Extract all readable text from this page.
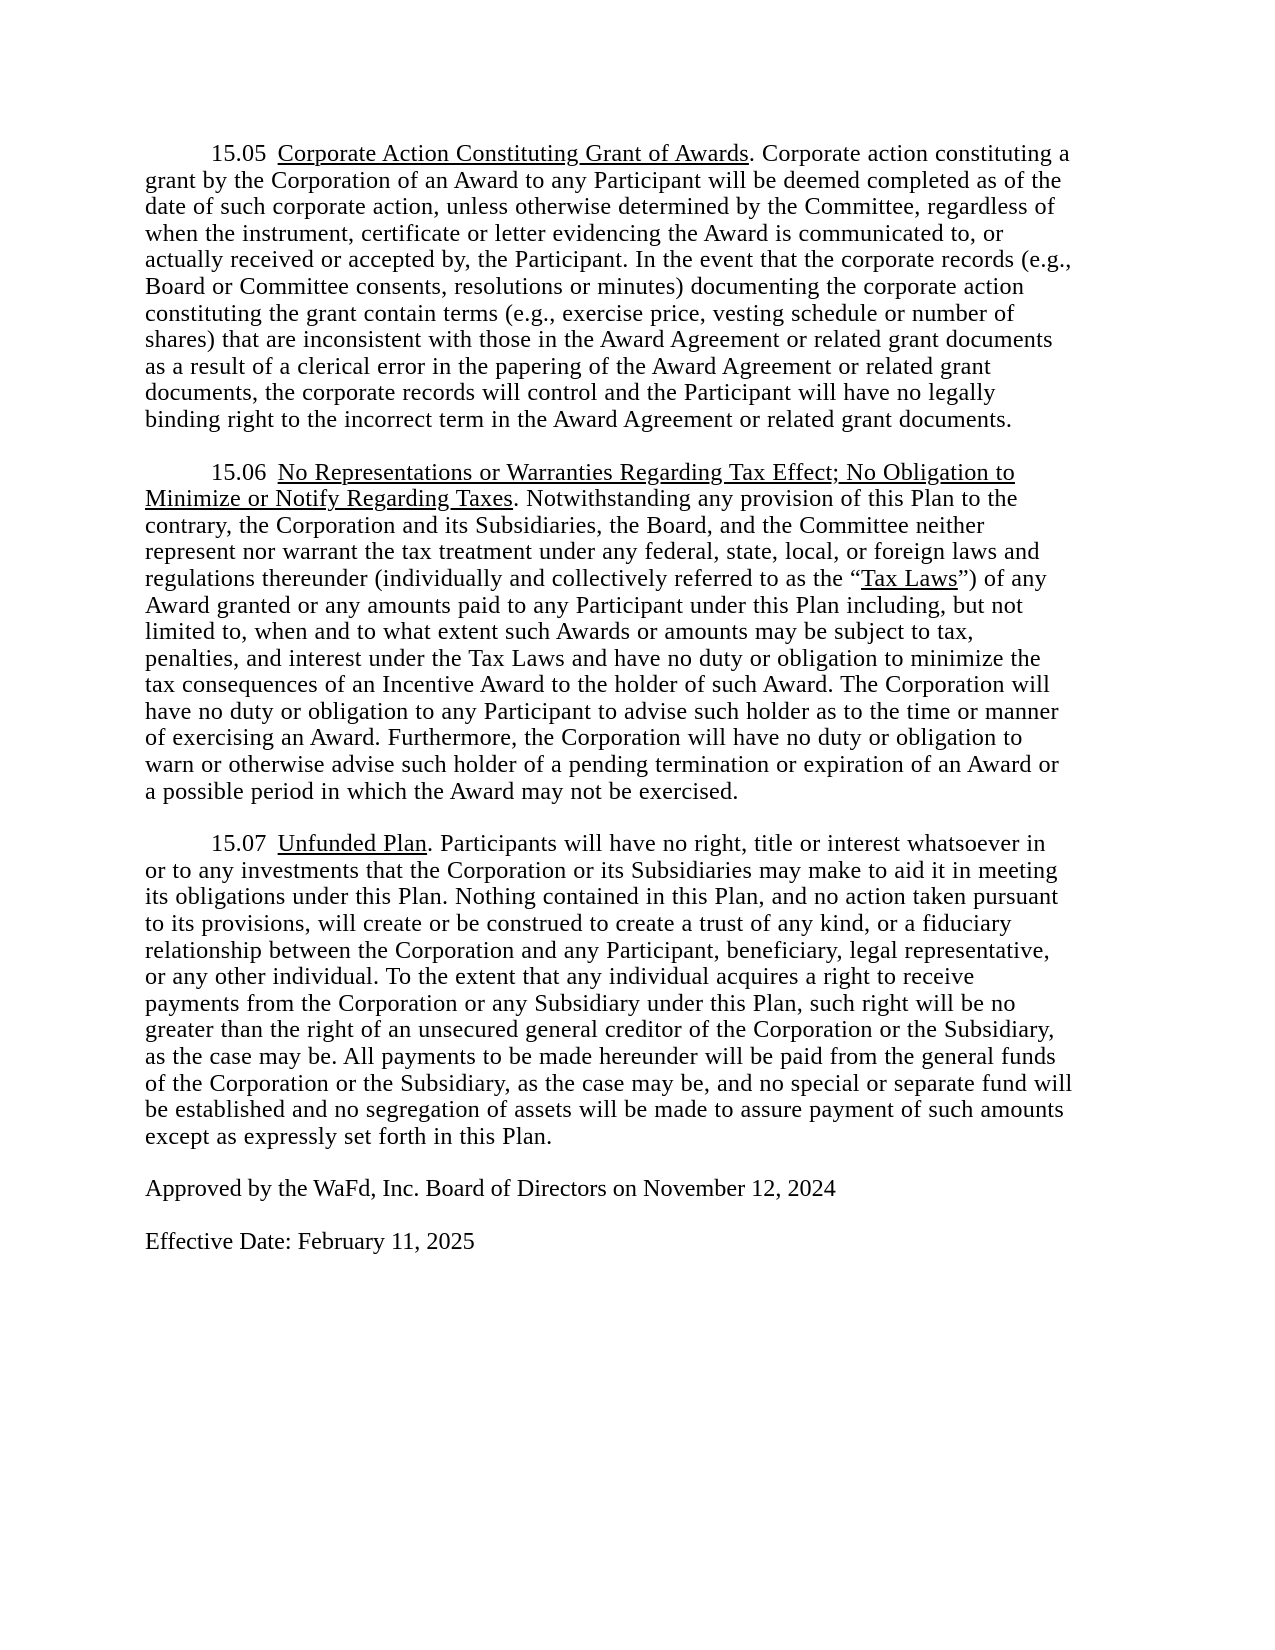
15.05 Corporate Action Constituting Grant of Awards. Corporate action constituting a grant by the Corporation of an Award to any Participant will be deemed completed as of the date of such corporate action, unless otherwise determined by the Committee, regardless of when the instrument, certificate or letter evidencing the Award is communicated to, or actually received or accepted by, the Participant. In the event that the corporate records (e.g., Board or Committee consents, resolutions or minutes) documenting the corporate action constituting the grant contain terms (e.g., exercise price, vesting schedule or number of shares) that are inconsistent with those in the Award Agreement or related grant documents as a result of a clerical error in the papering of the Award Agreement or related grant documents, the corporate records will control and the Participant will have no legally binding right to the incorrect term in the Award Agreement or related grant documents.

15.06 No Representations or Warranties Regarding Tax Effect; No Obligation to Minimize or Notify Regarding Taxes. Notwithstanding any provision of this Plan to the contrary, the Corporation and its Subsidiaries, the Board, and the Committee neither represent nor warrant the tax treatment under any federal, state, local, or foreign laws and regulations thereunder (individually and collectively referred to as the “Tax Laws”) of any Award granted or any amounts paid to any Participant under this Plan including, but not limited to, when and to what extent such Awards or amounts may be subject to tax, penalties, and interest under the Tax Laws and have no duty or obligation to minimize the tax consequences of an Incentive Award to the holder of such Award. The Corporation will have no duty or obligation to any Participant to advise such holder as to the time or manner of exercising an Award. Furthermore, the Corporation will have no duty or obligation to warn or otherwise advise such holder of a pending termination or expiration of an Award or a possible period in which the Award may not be exercised.

15.07 Unfunded Plan. Participants will have no right, title or interest whatsoever in or to any investments that the Corporation or its Subsidiaries may make to aid it in meeting its obligations under this Plan. Nothing contained in this Plan, and no action taken pursuant to its provisions, will create or be construed to create a trust of any kind, or a fiduciary relationship between the Corporation and any Participant, beneficiary, legal representative, or any other individual. To the extent that any individual acquires a right to receive payments from the Corporation or any Subsidiary under this Plan, such right will be no greater than the right of an unsecured general creditor of the Corporation or the Subsidiary, as the case may be. All payments to be made hereunder will be paid from the general funds of the Corporation or the Subsidiary, as the case may be, and no special or separate fund will be established and no segregation of assets will be made to assure payment of such amounts except as expressly set forth in this Plan.

Approved by the WaFd, Inc. Board of Directors on November 12, 2024

Effective Date: February 11, 2025
